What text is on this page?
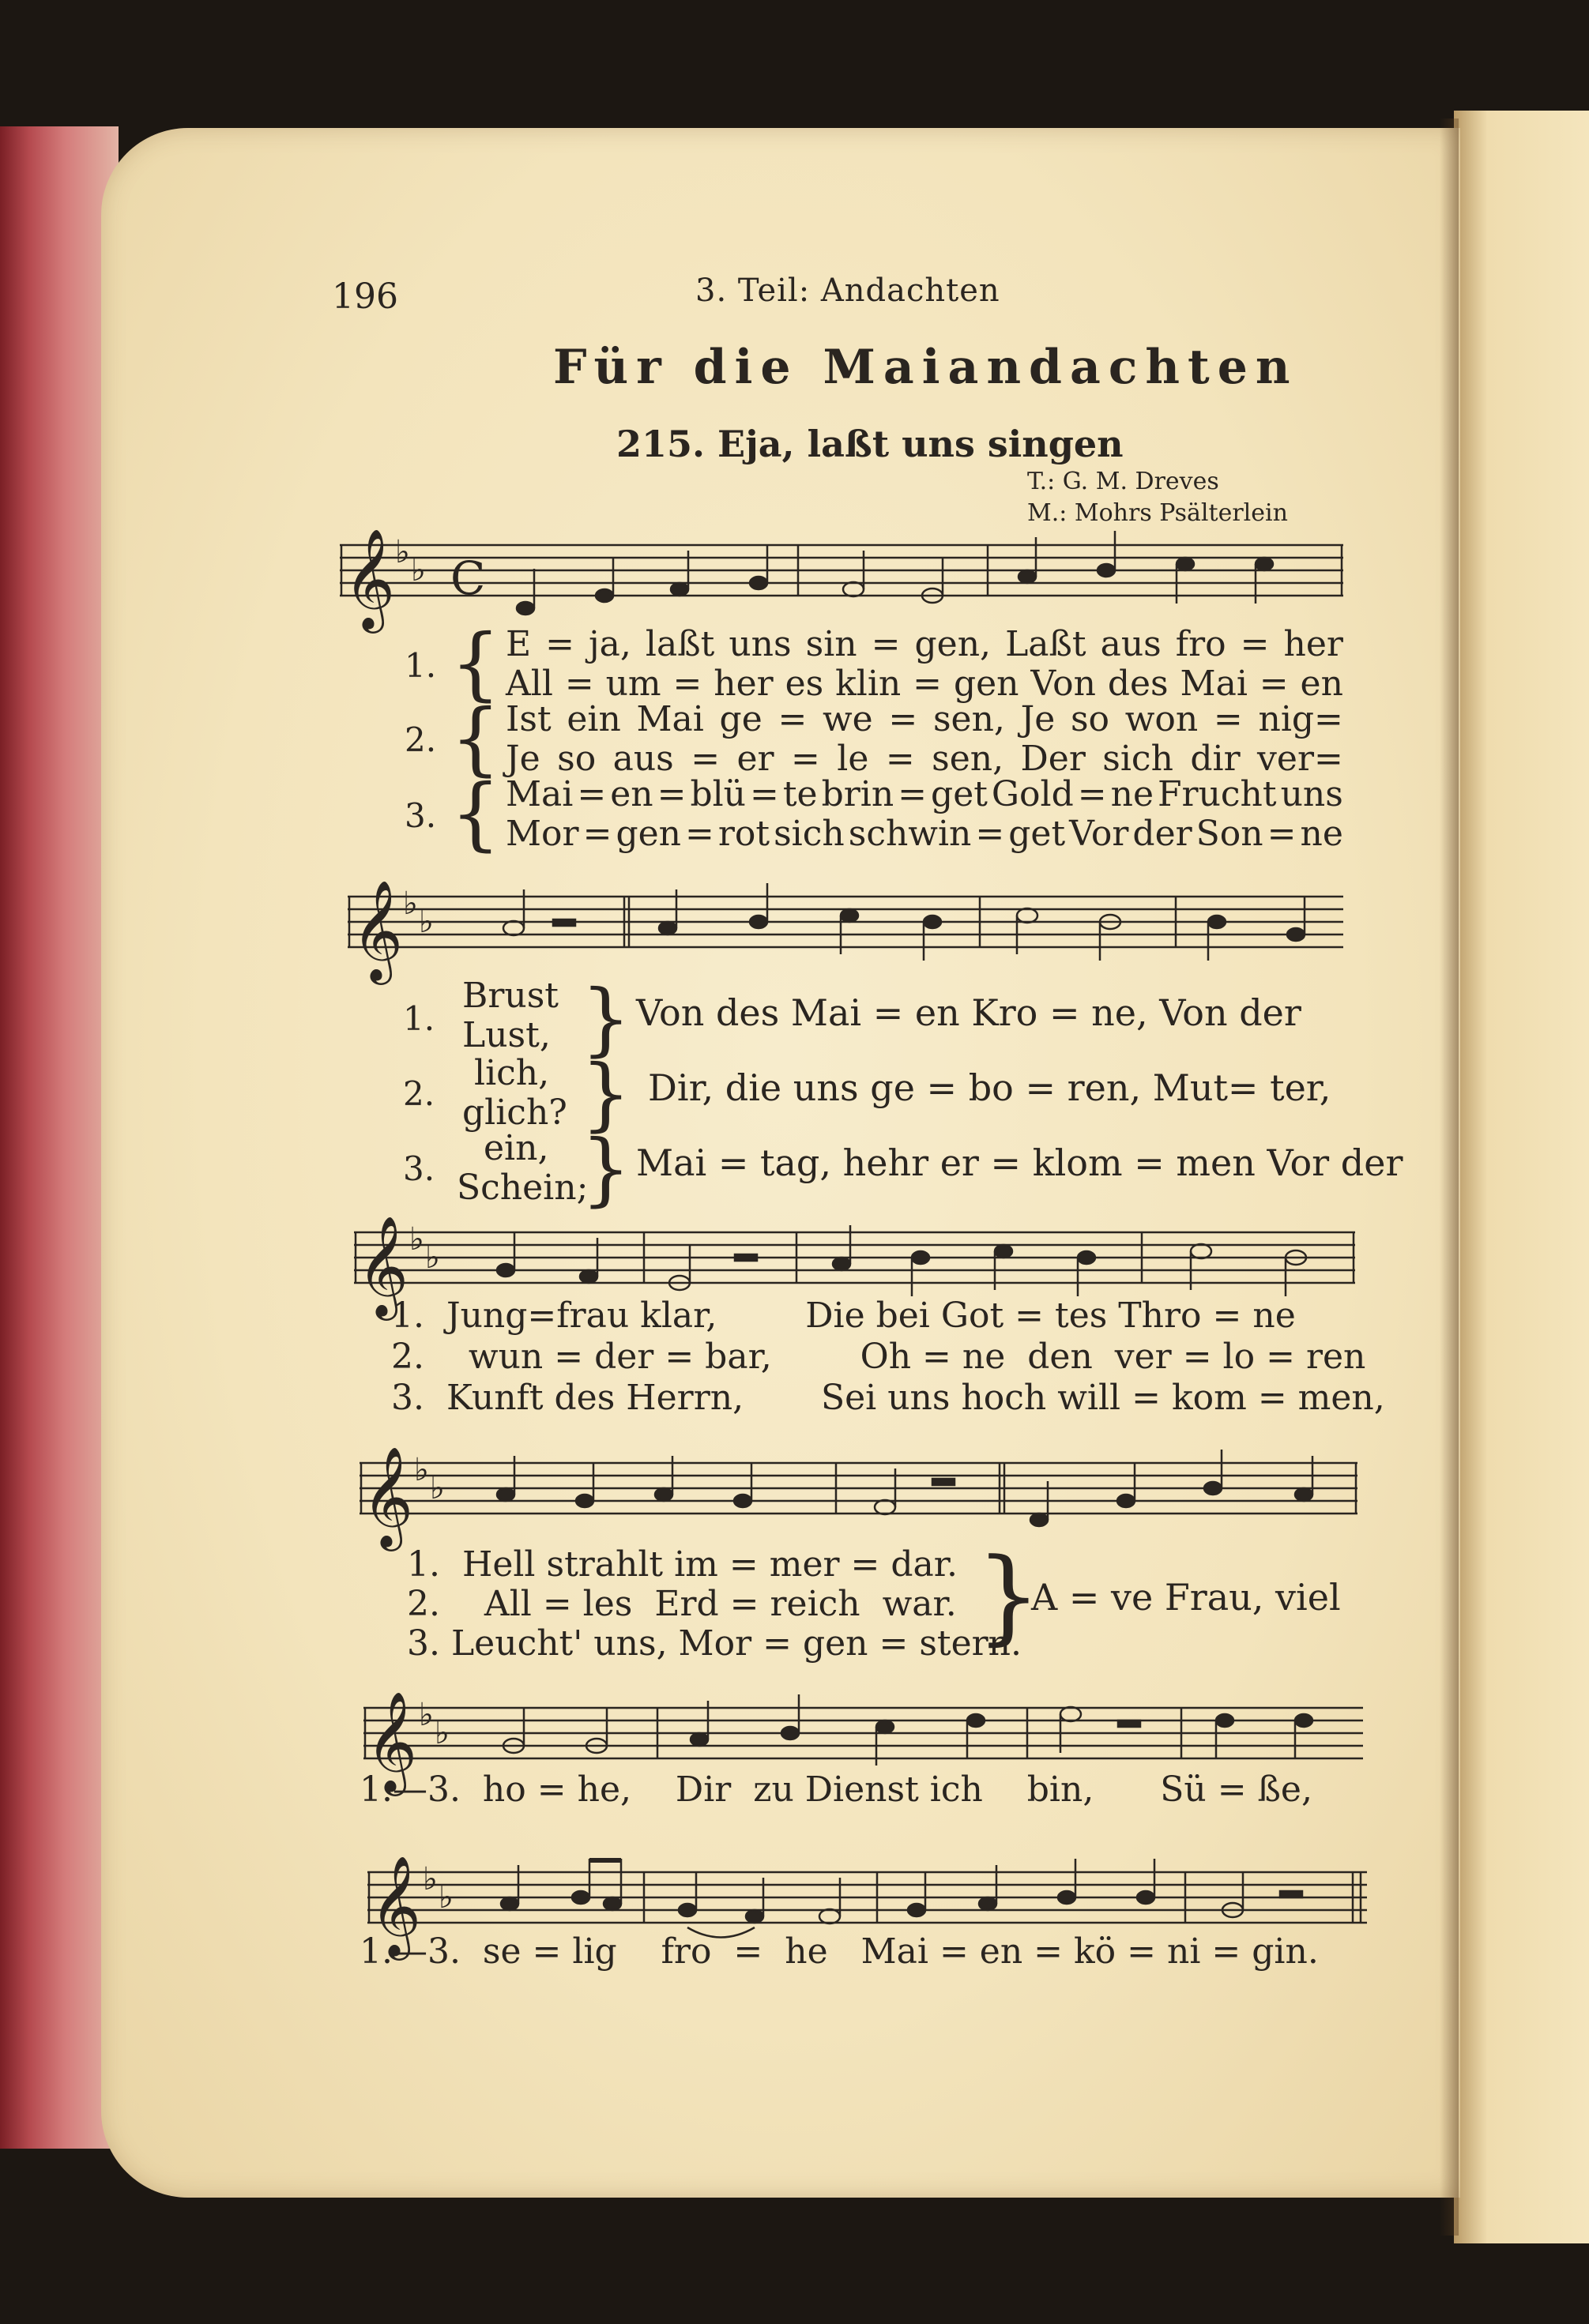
196	3. Teil: Andachten
Für die Maiandachten
215. Eja, laßt uns singen
T.: G. M. Dreves
M.: Mohrs Psälterlein
𝄞
𝄞
𝄞
𝄞
𝄞
𝄞
♭ ♭
♭ ♭
♭ ♭
♭ ♭
♭ ♭
♭ ♭
C
1.
2.
3.
{
{
{
E = ja, laßt uns sin = gen, Laßt aus fro = her
All = um = her es klin = gen Von des Mai = en
Ist ein Mai ge = we = sen, Je so won = nig=
Je so aus = er = le = sen, Der sich dir ver=
Mai = en = blü = te brin = get Gold = ne Frucht uns
Mor = gen = rot sich schwin = get Vor der Son = ne
1.
2.
3.
Brust
Lust,
lich,
glich?
ein,
Schein;
}
}
}
Von des Mai = en Kro = ne, Von der
Dir, die uns ge = bo = ren, Mut= ter,
Mai = tag, hehr er = klom = men Vor der
1.  Jung=frau klar,        Die bei Got = tes Thro = ne
2.    wun = der = bar,        Oh = ne  den  ver = lo = ren
3.  Kunft des Herrn,       Sei uns hoch will = kom = men,
1.  Hell strahlt im = mer = dar.
2.    All = les  Erd = reich  war.
3. Leucht' uns, Mor = gen = stern.
}
A = ve Frau, viel
1.—3.  ho = he,    Dir  zu Dienst ich    bin,      Sü = ße,
1.—3.  se = lig    fro  =  he   Mai = en = kö = ni = gin.
